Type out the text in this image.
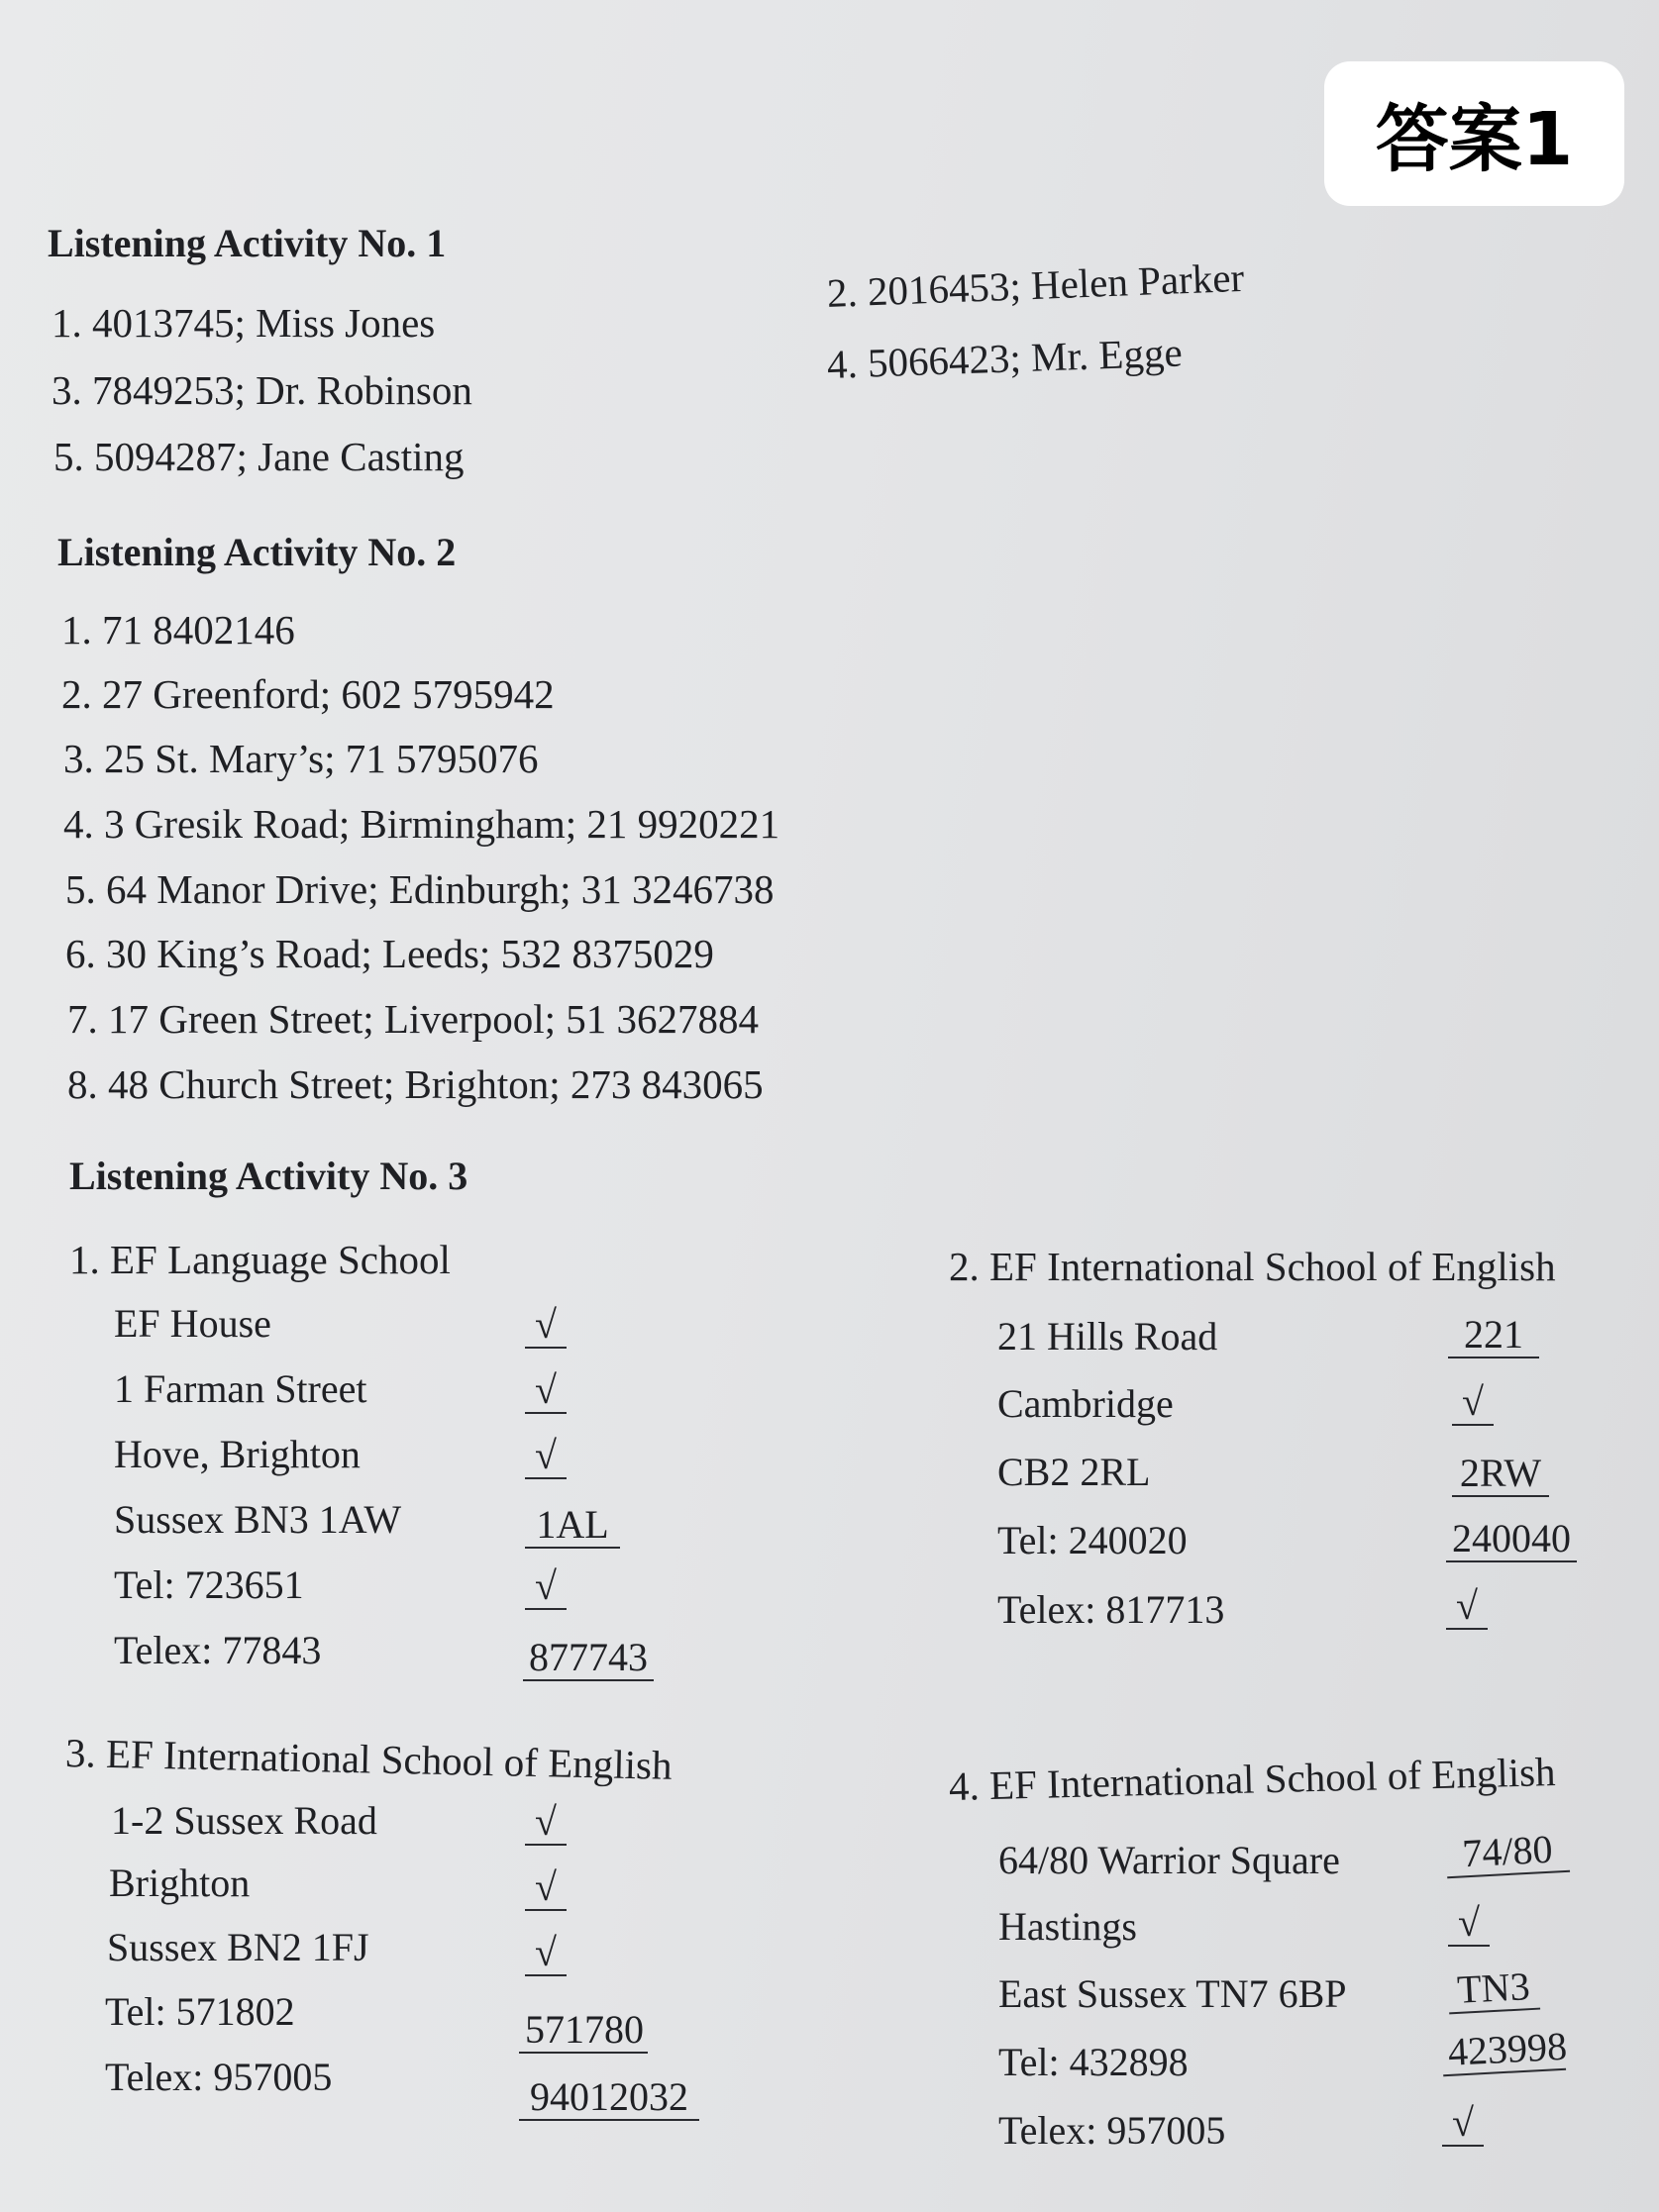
答案1
Listening Activity No. 1
1. 4013745; Miss Jones
2. 2016453; Helen Parker
3. 7849253; Dr. Robinson
4. 5066423; Mr. Egge
5. 5094287; Jane Casting
Listening Activity No. 2
1. 71 8402146
2. 27 Greenford; 602 5795942
3. 25 St. Mary’s; 71 5795076
4. 3 Gresik Road; Birmingham; 21 9920221
5. 64 Manor Drive; Edinburgh; 31 3246738
6. 30 King’s Road; Leeds; 532 8375029
7. 17 Green Street; Liverpool; 51 3627884
8. 48 Church Street; Brighton; 273 843065
Listening Activity No. 3
1. EF Language School
EF House	√
1 Farman Street	√
Hove, Brighton	√
Sussex BN3 1AW	1AL
Tel: 723651	√
Telex: 77843	877743
2. EF International School of English
21 Hills Road	221
Cambridge	√
CB2 2RL	2RW
Tel: 240020	240040
Telex: 817713	√
3. EF International School of English
1-2 Sussex Road	√
Brighton	√
Sussex BN2 1FJ	√
Tel: 571802	571780
Telex: 957005	94012032
4. EF International School of English
64/80 Warrior Square	74/80
Hastings	√
East Sussex TN7 6BP	TN3
Tel: 432898	423998
Telex: 957005	√
